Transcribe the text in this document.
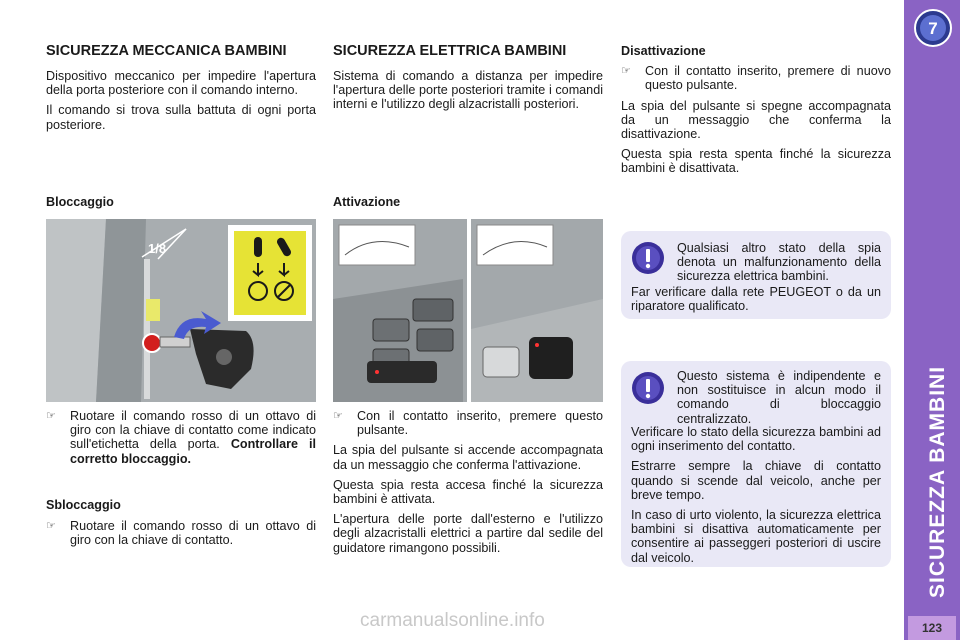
SICUREZZA MECCANICA BAMBINI

Dispositivo meccanico per impedire l'apertura della porta posteriore con il comando interno.

Il comando si trova sulla battuta di ogni porta posteriore.

Bloccaggio
1/8
☞	Ruotare il comando rosso di un ottavo di giro con la chiave di contatto come indicato sull'etichetta della porta. Controllare il corretto bloccaggio.
Sbloccaggio
☞	Ruotare il comando rosso di un ottavo di giro con la chiave di contatto.
SICUREZZA ELETTRICA BAMBINI

Sistema di comando a distanza per impedire l'apertura delle porte posteriori tramite i comandi interni e l'utilizzo degli alzacristalli posteriori.

Attivazione
☞	Con il contatto inserito, premere questo pulsante.

La spia del pulsante si accende accompagnata da un messaggio che conferma l'attivazione.

Questa spia resta accesa finché la sicurezza bambini è attivata.

L'apertura delle porte dall'esterno e l'utilizzo degli alzacristalli elettrici a partire dal sedile del guidatore rimangono possibili.

Disattivazione
☞	Con il contatto inserito, premere di nuovo questo pulsante.

La spia del pulsante si spegne accompagnata da un messaggio che conferma la disattivazione.

Questa spia resta spenta finché la sicurezza bambini è disattivata.

Qualsiasi altro stato della spia denota un malfunzionamento della sicurezza elettrica bambini.
Far verificare dalla rete PEUGEOT o da un riparatore qualificato.
Questo sistema è indipendente e non sostituisce in alcun modo il comando di bloccaggio centralizzato.

Verificare lo stato della sicurezza bambini ad ogni inserimento del contatto.

Estrarre sempre la chiave di contatto quando si scende dal veicolo, anche per breve tempo.

In caso di urto violento, la sicurezza elettrica bambini si disattiva automaticamente per consentire ai passeggeri posteriori di uscire dal veicolo.

7
SICUREZZA BAMBINI
123
carmanualsonline.info
